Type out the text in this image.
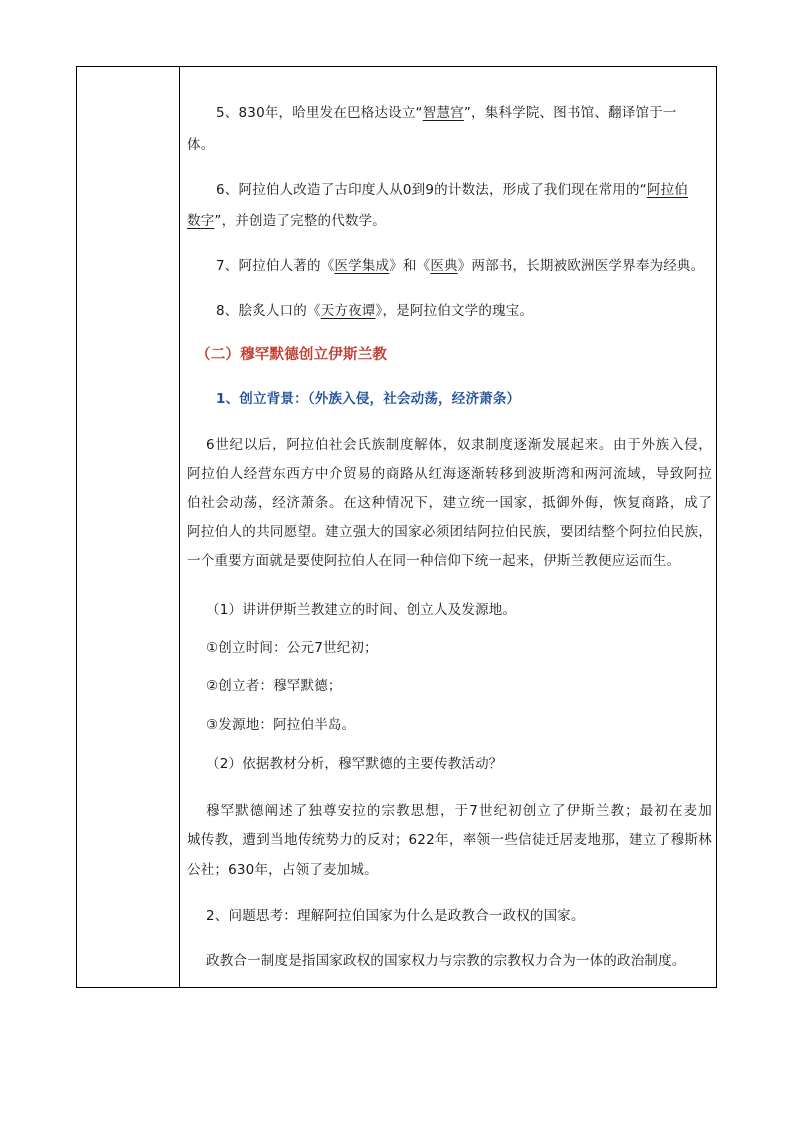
5、830年，哈里发在巴格达设立“智慧宫”，集科学院、图书馆、翻译馆于一
体。
6、阿拉伯人改造了古印度人从0到9的计数法，形成了我们现在常用的“阿拉伯
数字”，并创造了完整的代数学。
7、阿拉伯人著的《医学集成》和《医典》两部书，长期被欧洲医学界奉为经典。
8、脍炙人口的《天方夜谭》，是阿拉伯文学的瑰宝。
（二）穆罕默德创立伊斯兰教
1、创立背景：（外族入侵，社会动荡，经济萧条）
6世纪以后，阿拉伯社会氏族制度解体，奴隶制度逐渐发展起来。由于外族入侵，
阿拉伯人经营东西方中介贸易的商路从红海逐渐转移到波斯湾和两河流域，导致阿拉
伯社会动荡，经济萧条。在这种情况下，建立统一国家，抵御外侮，恢复商路，成了
阿拉伯人的共同愿望。建立强大的国家必须团结阿拉伯民族，要团结整个阿拉伯民族，
一个重要方面就是要使阿拉伯人在同一种信仰下统一起来，伊斯兰教便应运而生。
（1）讲讲伊斯兰教建立的时间、创立人及发源地。
①创立时间：公元7世纪初；
②创立者：穆罕默德；
③发源地：阿拉伯半岛。
（2）依据教材分析，穆罕默德的主要传教活动？
穆罕默德阐述了独尊安拉的宗教思想，于7世纪初创立了伊斯兰教；最初在麦加
城传教，遭到当地传统势力的反对；622年，率领一些信徒迁居麦地那，建立了穆斯林
公社；630年，占领了麦加城。
2、问题思考：理解阿拉伯国家为什么是政教合一政权的国家。
政教合一制度是指国家政权的国家权力与宗教的宗教权力合为一体的政治制度。
